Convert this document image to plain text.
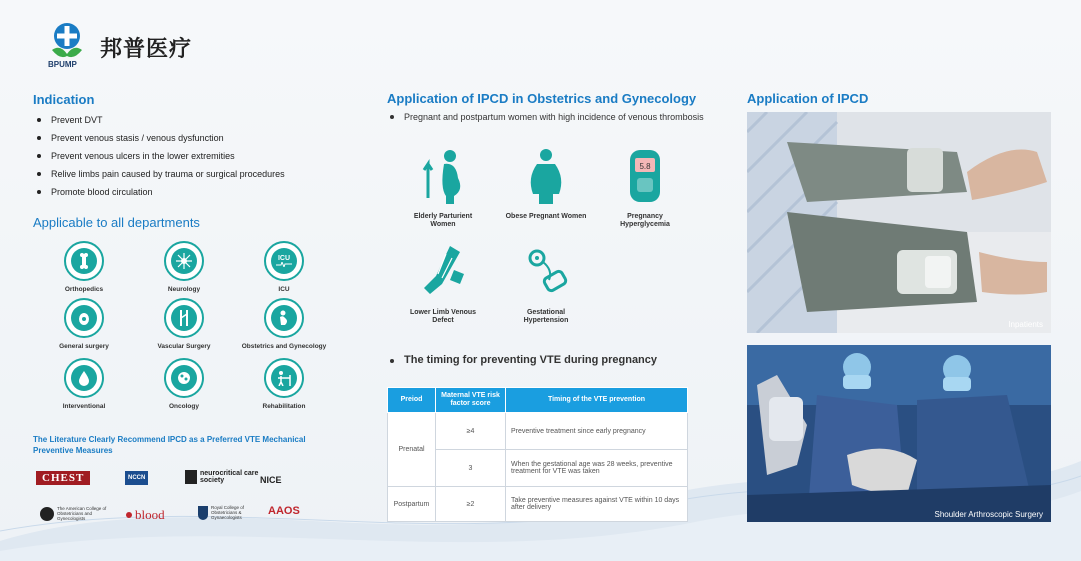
邦普医疗
BPUMP
Indication
Prevent DVT
Prevent venous stasis / venous dysfunction
Prevent venous ulcers in the lower extremities
Relive limbs pain caused by trauma or surgical procedures
Promote blood circulation
Applicable to all departments
Orthopedics	Neurology
ICU
ICU
General surgery	Vascular Surgery	Obstetrics and Gynecology
Interventional	Oncology	Rehabilitation
The Literature Clearly Recommend IPCD as a Preferred VTE Mechanical Preventive Measures
CHEST	NCCN
neurocritical care society	NICE
The American College of Obstetricians and Gynecologists	blood	Royal College of Obstetricians & Gynaecologists
AAOS
Application of IPCD in Obstetrics and Gynecology
Pregnant and postpartum women with high incidence of venous thrombosis
Elderly Parturient Women
Obese Pregnant Women
5.8
Pregnancy Hyperglycemia
Lower Limb Venous Defect
Gestational Hypertension
The timing for preventing VTE during pregnancy
Preiod	Maternal VTE risk factor score	Timing of the VTE prevention
Prenatal	≥4	Preventive treatment since early pregnancy
	3	When the gestational age was 28 weeks, preventive treatment for VTE was taken
Postpartum	≥2	Take preventive measures against VTE within 10 days after delivery
Application of IPCD
Inpatients
Shoulder Arthroscopic Surgery
